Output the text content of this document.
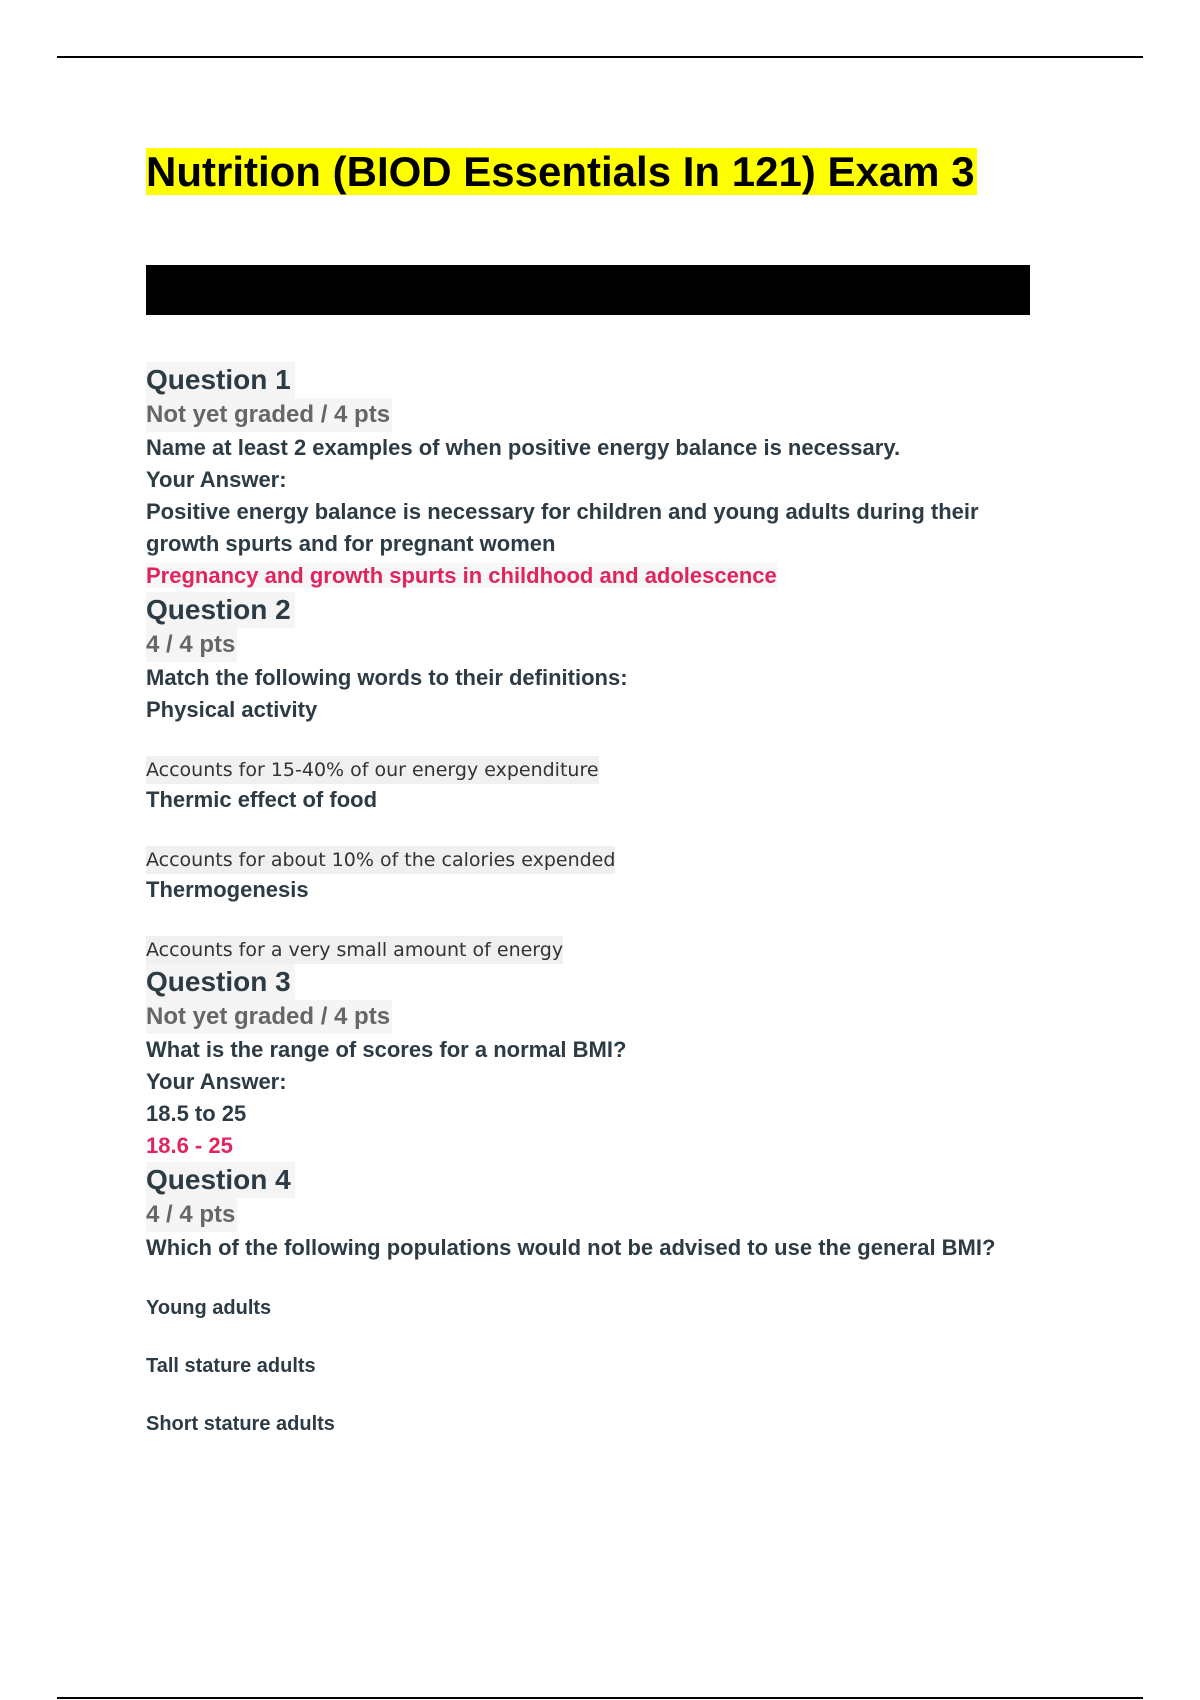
Nutrition (BIOD Essentials In 121) Exam 3
Question 1
Not yet graded / 4 pts
Name at least 2 examples of when positive energy balance is necessary.
Your Answer:
Positive energy balance is necessary for children and young adults during their
growth spurts and for pregnant women
Pregnancy and growth spurts in childhood and adolescence
Question 2
4 / 4 pts
Match the following words to their definitions:
Physical activity
Accounts for 15-40% of our energy expenditure
Thermic effect of food
Accounts for about 10% of the calories expended
Thermogenesis
Accounts for a very small amount of energy
Question 3
Not yet graded / 4 pts
What is the range of scores for a normal BMI?
Your Answer:
18.5 to 25
18.6 - 25
Question 4
4 / 4 pts
Which of the following populations would not be advised to use the general BMI?
Young adults
Tall stature adults
Short stature adults
